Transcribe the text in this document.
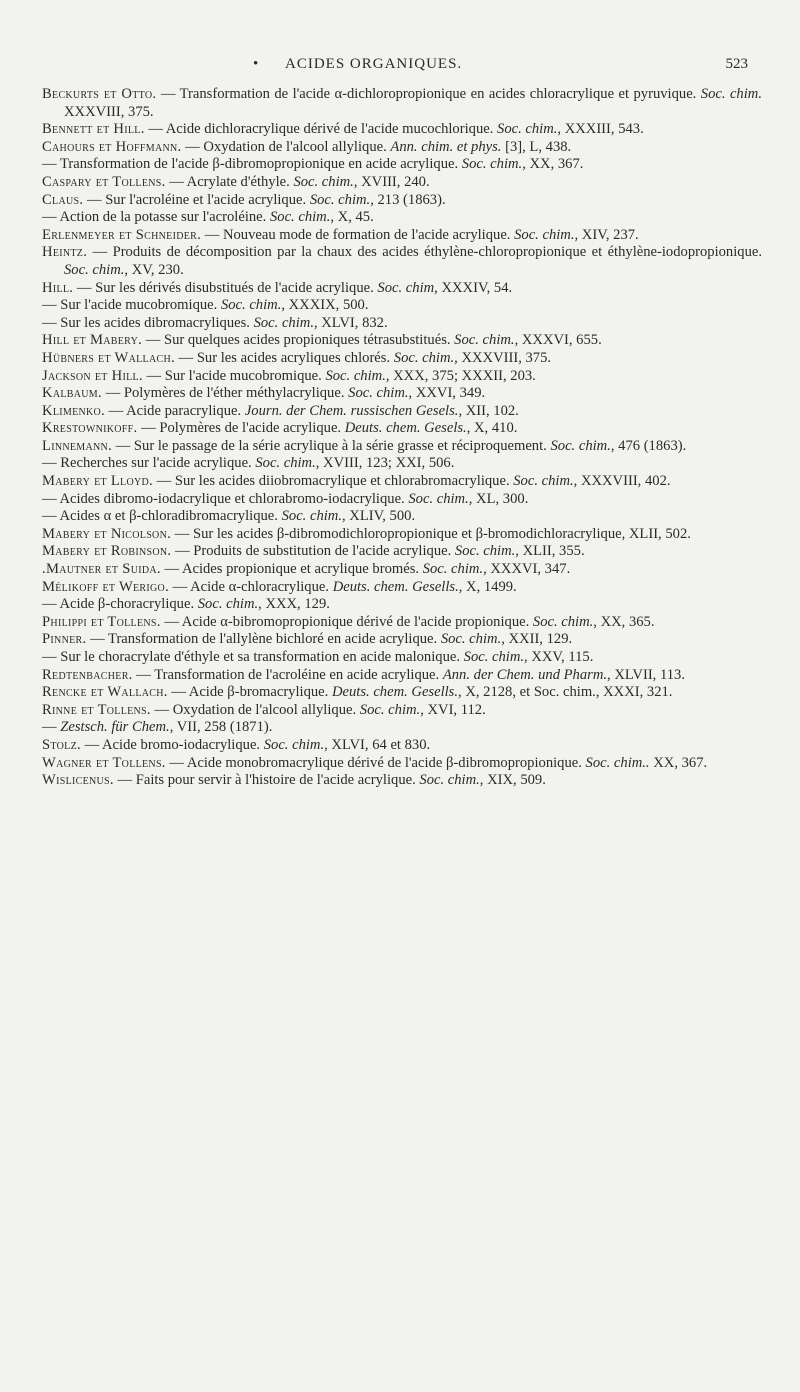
• ACIDES ORGANIQUES.	523

Beckurts et Otto. — Transformation de l'acide α-dichloropropionique en acides chloracrylique et pyruvique. Soc. chim. XXXVIII, 375.

Bennett et Hill. — Acide dichloracrylique dérivé de l'acide mucochlorique. Soc. chim., XXXIII, 543.

Cahours et Hoffmann. — Oxydation de l'alcool allylique. Ann. chim. et phys. [3], L, 438.

— Transformation de l'acide β-dibromopropionique en acide acrylique. Soc. chim., XX, 367.

Caspary et Tollens. — Acrylate d'éthyle. Soc. chim., XVIII, 240.

Claus. — Sur l'acroléine et l'acide acrylique. Soc. chim., 213 (1863).

— Action de la potasse sur l'acroléine. Soc. chim., X, 45.

Erlenmeyer et Schneider. — Nouveau mode de formation de l'acide acrylique. Soc. chim., XIV, 237.

Heintz. — Produits de décomposition par la chaux des acides éthylène-chloropropionique et éthylène-iodopropionique. Soc. chim., XV, 230.

Hill. — Sur les dérivés disubstitués de l'acide acrylique. Soc. chim, XXXIV, 54.

— Sur l'acide mucobromique. Soc. chim., XXXIX, 500.

— Sur les acides dibromacryliques. Soc. chim., XLVI, 832.

Hill et Mabery. — Sur quelques acides propioniques tétrasubstitués. Soc. chim., XXXVI, 655.

Hübners et Wallach. — Sur les acides acryliques chlorés. Soc. chim., XXXVIII, 375.

Jackson et Hill. — Sur l'acide mucobromique. Soc. chim., XXX, 375; XXXII, 203.

Kalbaum. — Polymères de l'éther méthylacrylique. Soc. chim., XXVI, 349.

Klimenko. — Acide paracrylique. Journ. der Chem. russischen Gesels., XII, 102.

Krestownikoff. — Polymères de l'acide acrylique. Deuts. chem. Gesels., X, 410.

Linnemann. — Sur le passage de la série acrylique à la série grasse et réciproquement. Soc. chim., 476 (1863).

— Recherches sur l'acide acrylique. Soc. chim., XVIII, 123; XXI, 506.

Mabery et Lloyd. — Sur les acides diiobromacrylique et chlorabromacrylique. Soc. chim., XXXVIII, 402.

— Acides dibromo-iodacrylique et chlorabromo-iodacrylique. Soc. chim., XL, 300.

— Acides α et β-chloradibromacrylique. Soc. chim., XLIV, 500.

Mabery et Nicolson. — Sur les acides β-dibromodichloropropionique et β-bromodichloracrylique, XLII, 502.

Mabery et Robinson. — Produits de substitution de l'acide acrylique. Soc. chim., XLII, 355.

.Mautner et Suida. — Acides propionique et acrylique bromés. Soc. chim., XXXVI, 347.

Mélikoff et Werigo. — Acide α-chloracrylique. Deuts. chem. Gesells., X, 1499.

— Acide β-choracrylique. Soc. chim., XXX, 129.

Philippi et Tollens. — Acide α-bibromopropionique dérivé de l'acide propionique. Soc. chim., XX, 365.

Pinner. — Transformation de l'allylène bichloré en acide acrylique. Soc. chim., XXII, 129.

— Sur le choracrylate d'éthyle et sa transformation en acide malonique. Soc. chim., XXV, 115.

Redtenbacher. — Transformation de l'acroléine en acide acrylique. Ann. der Chem. und Pharm., XLVII, 113.

Rencke et Wallach. — Acide β-bromacrylique. Deuts. chem. Gesells., X, 2128, et Soc. chim., XXXI, 321.

Rinne et Tollens. — Oxydation de l'alcool allylique. Soc. chim., XVI, 112.

— Zestsch. für Chem., VII, 258 (1871).

Stolz. — Acide bromo-iodacrylique. Soc. chim., XLVI, 64 et 830.

Wagner et Tollens. — Acide monobromacrylique dérivé de l'acide β-dibromopropionique. Soc. chim.. XX, 367.

Wislicenus. — Faits pour servir à l'histoire de l'acide acrylique. Soc. chim., XIX, 509.
